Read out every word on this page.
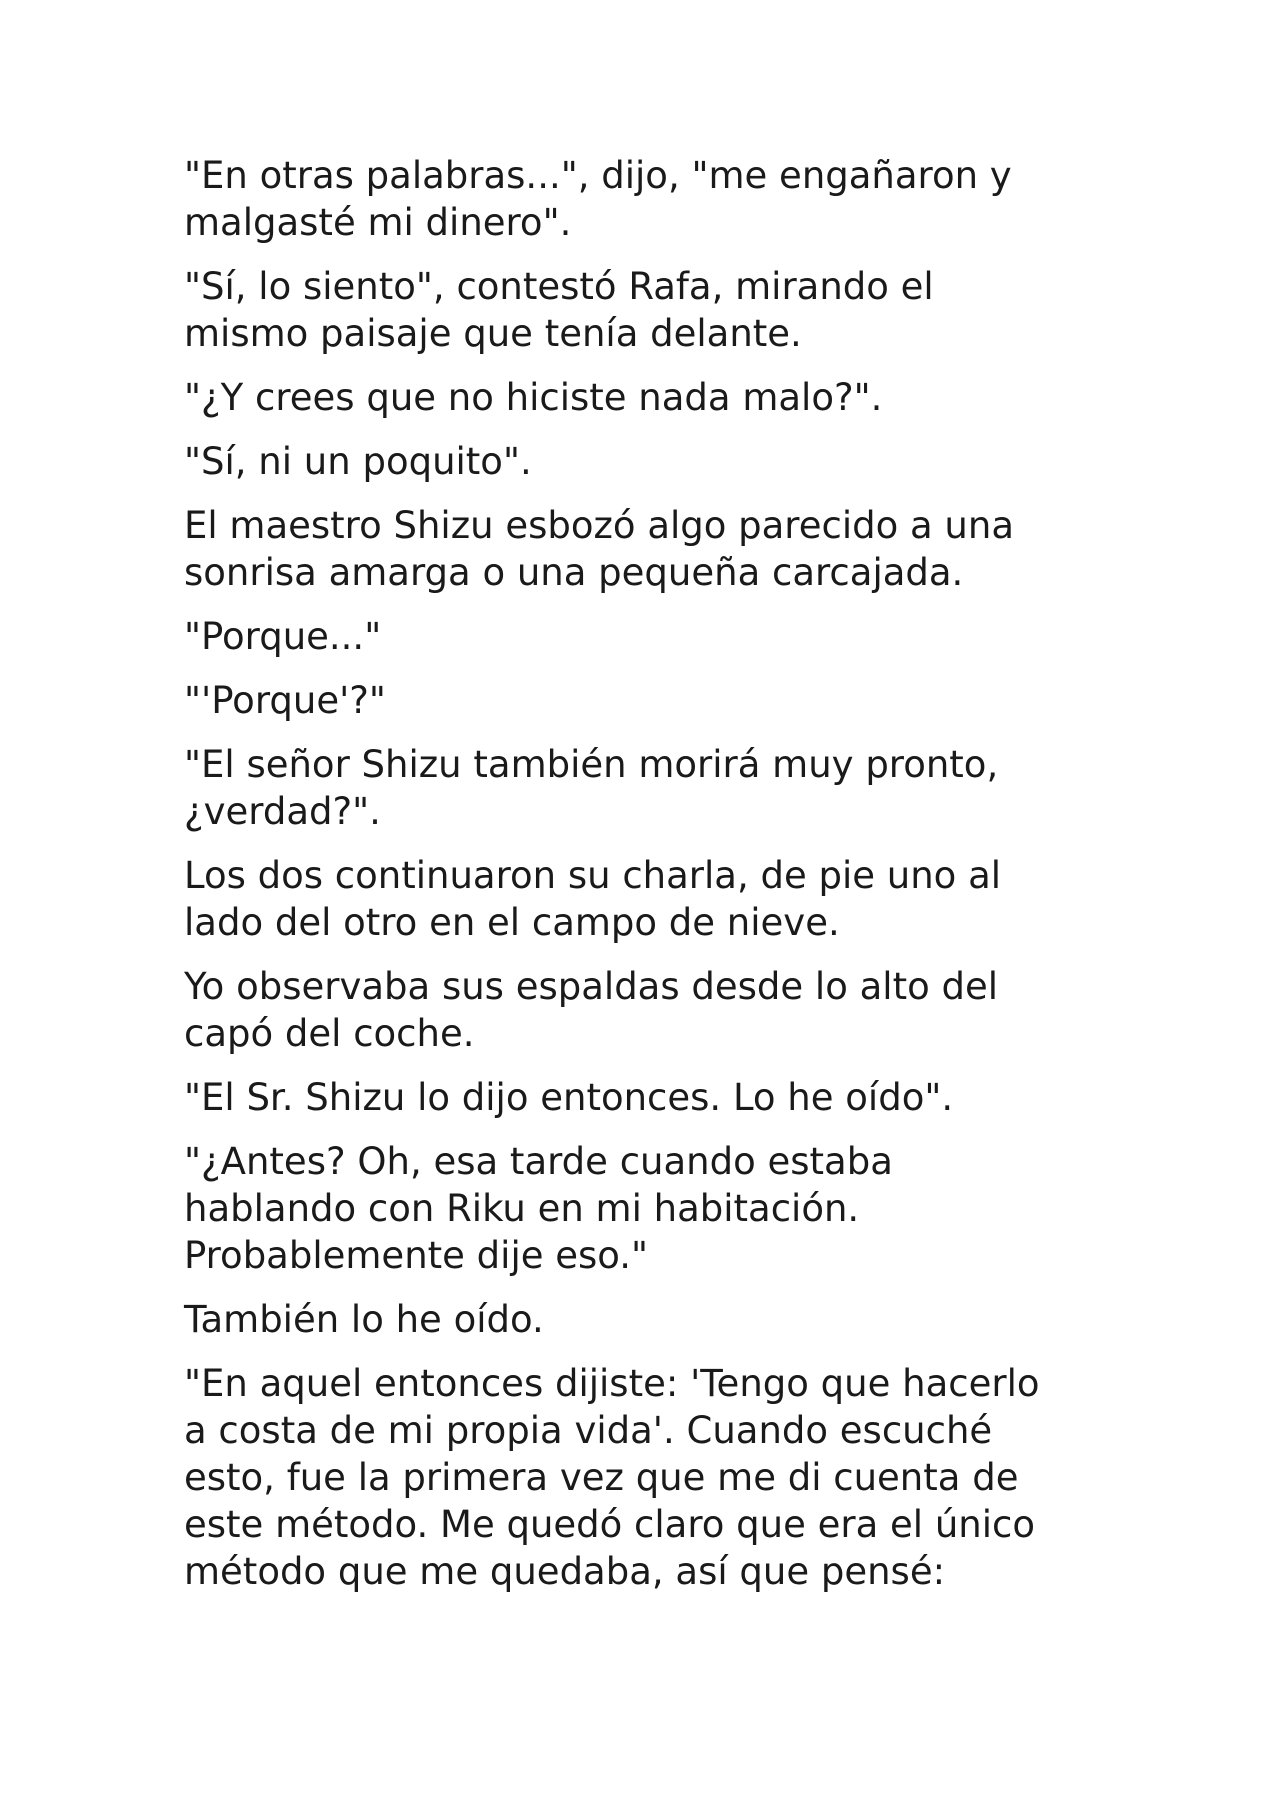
"En otras palabras...", dijo, "me engañaron y
malgasté mi dinero".

"Sí, lo siento", contestó Rafa, mirando el
mismo paisaje que tenía delante.

"¿Y crees que no hiciste nada malo?".

"Sí, ni un poquito".

El maestro Shizu esbozó algo parecido a una
sonrisa amarga o una pequeña carcajada.

"Porque..."

"'Porque'?"

"El señor Shizu también morirá muy pronto,
¿verdad?".

Los dos continuaron su charla, de pie uno al
lado del otro en el campo de nieve.

Yo observaba sus espaldas desde lo alto del
capó del coche.

"El Sr. Shizu lo dijo entonces. Lo he oído".

"¿Antes? Oh, esa tarde cuando estaba
hablando con Riku en mi habitación.
Probablemente dije eso."

También lo he oído.

"En aquel entonces dijiste: 'Tengo que hacerlo
a costa de mi propia vida'. Cuando escuché
esto, fue la primera vez que me di cuenta de
este método. Me quedó claro que era el único
método que me quedaba, así que pensé:
